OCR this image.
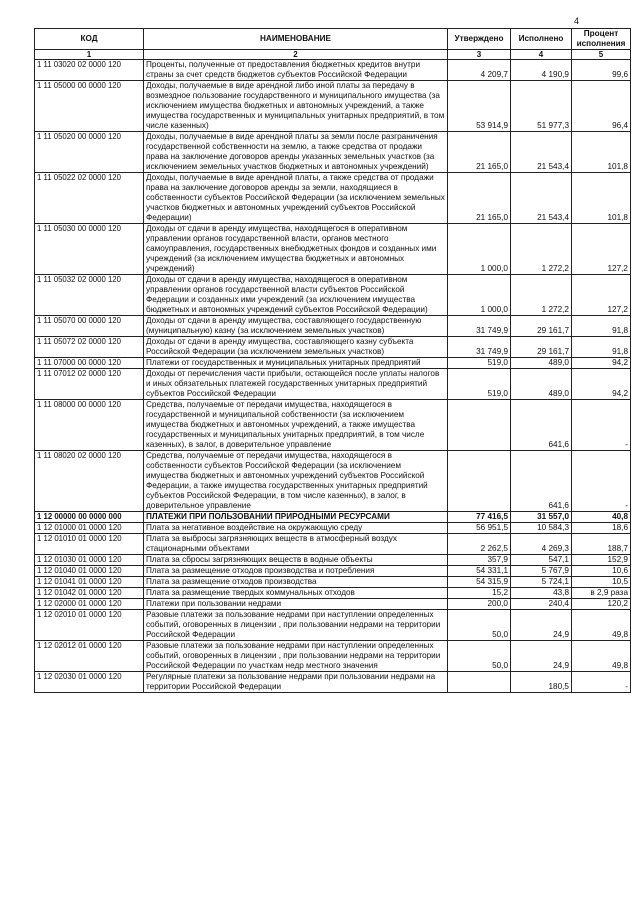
4
КОД	НАИМЕНОВАНИЕ	Утверждено	Исполнено	Процент исполнения
1	2	3	4	5
1 11 03020 02 0000 120	Проценты, полученные от предоставления бюджетных кредитов внутри страны за счет средств бюджетов субъектов Российской Федерации	4 209,7	4 190,9	99,6
1 11 05000 00 0000 120	Доходы, получаемые в виде арендной либо иной платы за передачу в возмездное пользование государственного и муниципального имущества (за исключением имущества бюджетных и автономных учреждений, а также имущества государственных и муниципальных унитарных предприятий, в том числе казенных)	53 914,9	51 977,3	96,4
1 11 05020 00 0000 120	Доходы, получаемые в виде арендной платы за земли после разграничения государственной собственности на землю, а также средства от продажи права на заключение договоров аренды указанных земельных участков (за исключением земельных участков бюджетных и автономных учреждений)	21 165,0	21 543,4	101,8
1 11 05022 02 0000 120	Доходы, получаемые в виде арендной платы, а также средства от продажи права на заключение договоров аренды за земли, находящиеся в собственности субъектов Российской Федерации (за исключением земельных участков бюджетных и автономных учреждений субъектов Российской Федерации)	21 165,0	21 543,4	101,8
1 11 05030 00 0000 120	Доходы от сдачи в аренду имущества, находящегося в оперативном управлении органов государственной власти, органов местного самоуправления, государственных внебюджетных фондов и созданных ими учреждений (за исключением имущества бюджетных и автономных учреждений)	1 000,0	1 272,2	127,2
1 11 05032 02 0000 120	Доходы от сдачи в аренду имущества, находящегося в оперативном управлении органов государственной власти субъектов Российской Федерации и созданных ими учреждений (за исключением имущества бюджетных и автономных учреждений субъектов Российской Федерации)	1 000,0	1 272,2	127,2
1 11 05070 00 0000 120	Доходы от сдачи в аренду имущества, составляющего государственную (муниципальную) казну (за исключением земельных участков)	31 749,9	29 161,7	91,8
1 11 05072 02 0000 120	Доходы от сдачи в аренду имущества, составляющего казну субъекта Российской Федерации (за исключением земельных участков)	31 749,9	29 161,7	91,8
1 11 07000 00 0000 120	Платежи от государственных и муниципальных унитарных предприятий	519,0	489,0	94,2
1 11 07012 02 0000 120	Доходы от перечисления части прибыли, остающейся после уплаты налогов и иных обязательных платежей государственных унитарных предприятий субъектов Российской Федерации	519,0	489,0	94,2
1 11 08000 00 0000 120	Средства, получаемые от передачи имущества, находящегося в государственной и муниципальной собственности (за исключением имущества бюджетных и автономных учреждений, а также имущества государственных и муниципальных унитарных предприятий, в том числе казенных), в залог, в доверительное управление		641,6	-
1 11 08020 02 0000 120	Средства, получаемые от передачи имущества, находящегося в собственности субъектов Российской Федерации (за исключением имущества бюджетных и автономных учреждений субъектов Российской Федерации, а также имущества государственных унитарных предприятий субъектов Российской Федерации, в том числе казенных), в залог, в доверительное управление		641,6	-
1 12 00000 00 0000 000	ПЛАТЕЖИ ПРИ ПОЛЬЗОВАНИИ ПРИРОДНЫМИ РЕСУРСАМИ	77 416,5	31 557,0	40,8
1 12 01000 01 0000 120	Плата за негативное воздействие на окружающую среду	56 951,5	10 584,3	18,6
1 12 01010 01 0000 120	Плата за выбросы загрязняющих веществ в атмосферный воздух стационарными объектами	2 262,5	4 269,3	188,7
1 12 01030 01 0000 120	Плата за сбросы загрязняющих веществ в водные объекты	357,9	547,1	152,9
1 12 01040 01 0000 120	Плата за размещение отходов производства и потребления	54 331,1	5 767,9	10,6
1 12 01041 01 0000 120	Плата за размещение отходов производства	54 315,9	5 724,1	10,5
1 12 01042 01 0000 120	Плата за размещение твердых коммунальных отходов	15,2	43,8	в 2,9 раза
1 12 02000 01 0000 120	Платежи при пользовании недрами	200,0	240,4	120,2
1 12 02010 01 0000 120	Разовые платежи за пользование недрами при наступлении определенных событий, оговоренных в лицензии , при пользовании недрами на территории Российской Федерации	50,0	24,9	49,8
1 12 02012 01 0000 120	Разовые платежи за пользование недрами при наступлении определенных событий, оговоренных в лицензии , при пользовании недрами на территории Российской Федерации по участкам недр местного значения	50,0	24,9	49,8
1 12 02030 01 0000 120	Регулярные платежи за пользование недрами при пользовании недрами на территории Российской Федерации		180,5	-
